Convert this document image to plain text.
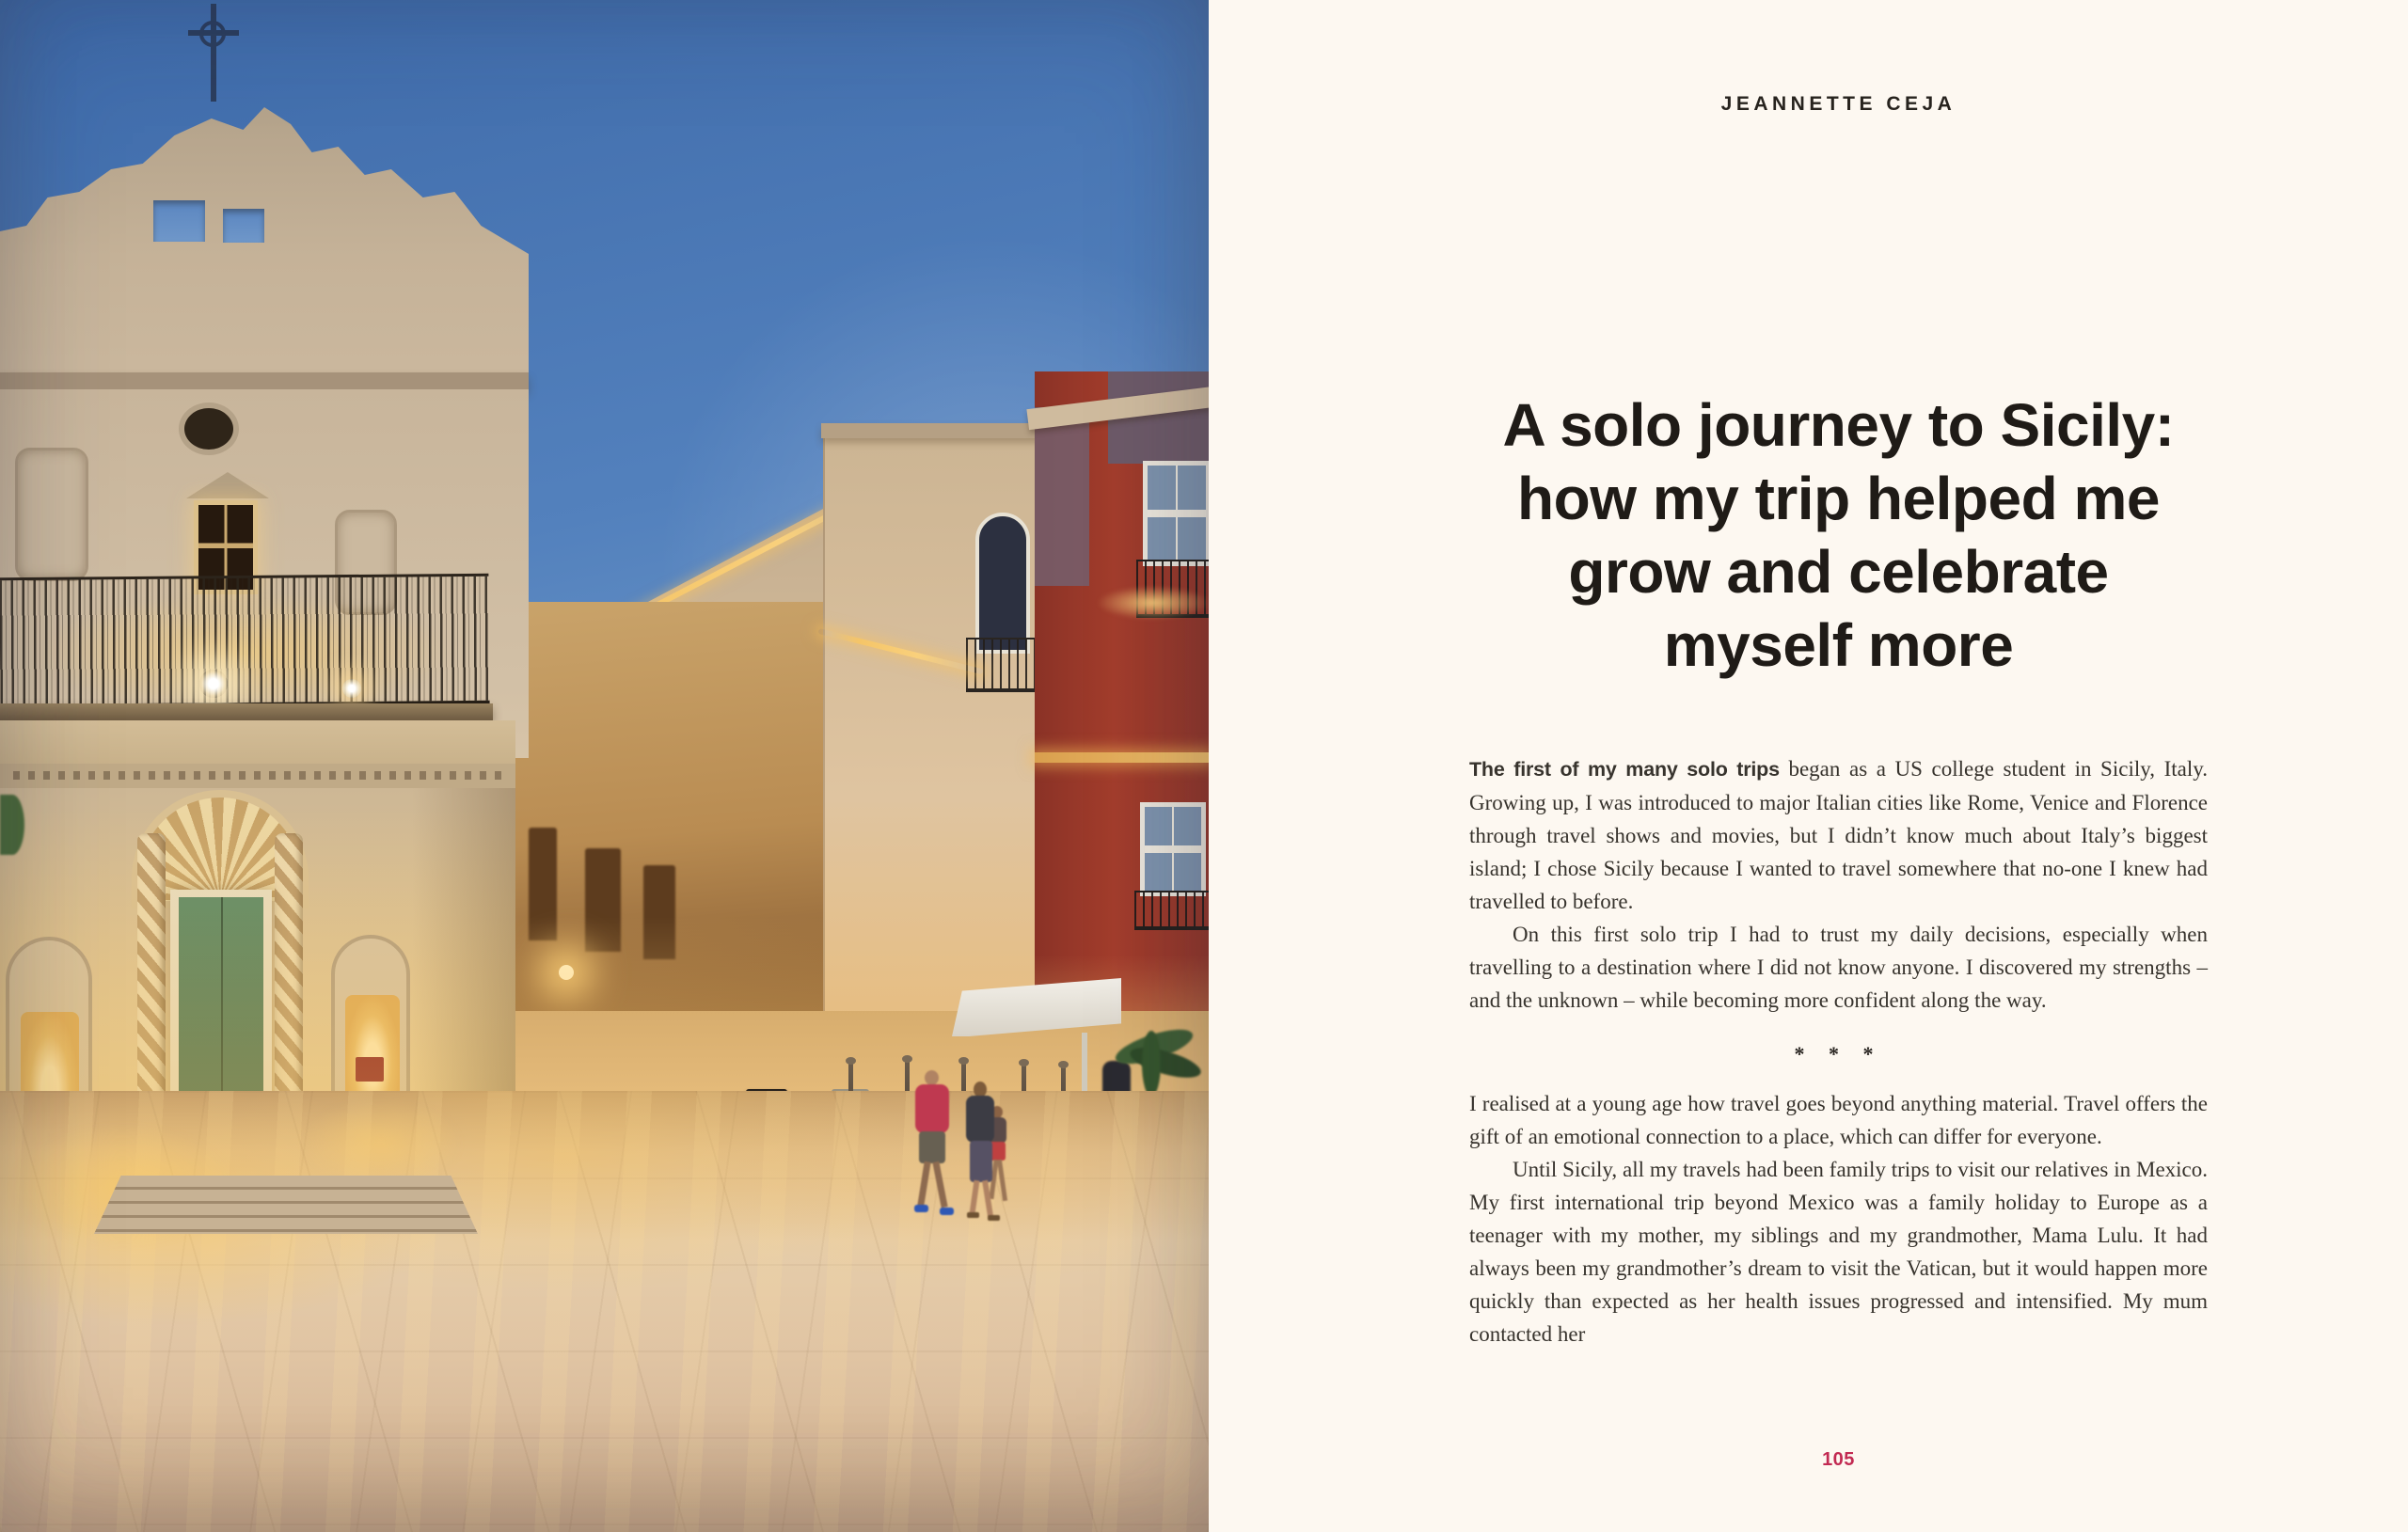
JEANNETTE CEJA
A solo journey to Sicily:
how my trip helped me
grow and celebrate
myself more

The first of my many solo trips began as a US college student in Sicily, Italy. Growing up, I was introduced to major Italian cities like Rome, Venice and Florence through travel shows and movies, but I didn’t know much about Italy’s biggest island; I chose Sicily because I wanted to travel somewhere that no-one I knew had travelled to before.

On this first solo trip I had to trust my daily decisions, especially when travelling to a destination where I did not know anyone. I discovered my strengths – and the unknown – while becoming more confident along the way.

* * *

I realised at a young age how travel goes beyond anything material. Travel offers the gift of an emotional connection to a place, which can differ for everyone.

Until Sicily, all my travels had been family trips to visit our relatives in Mexico. My first international trip beyond Mexico was a family holiday to Europe as a teenager with my mother, my siblings and my grandmother, Mama Lulu. It had always been my grandmother’s dream to visit the Vatican, but it would happen more quickly than expected as her health issues progressed and intensified. My mum contacted her

105
